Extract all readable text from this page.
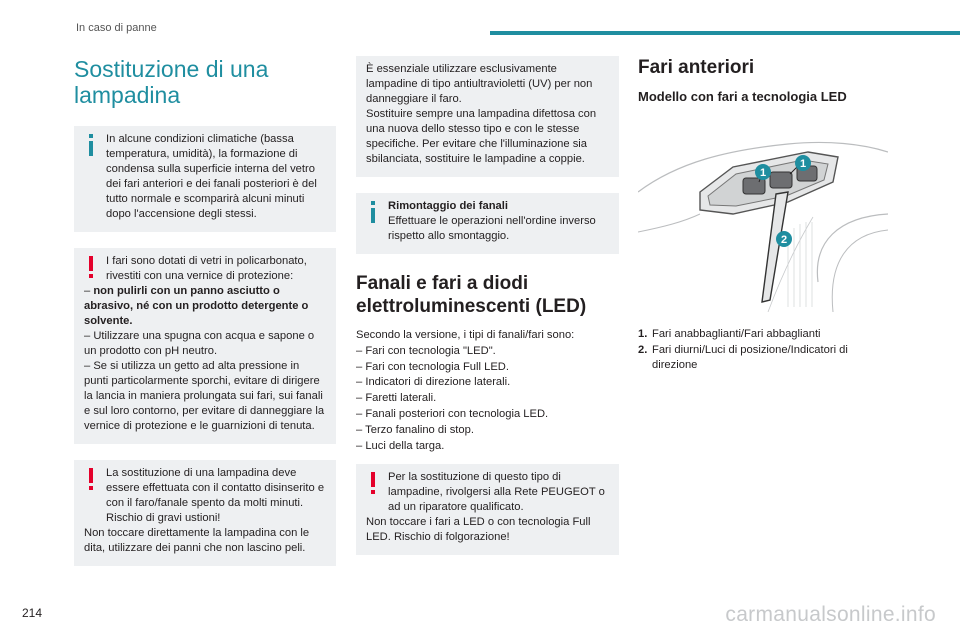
In caso di panne
Sostituzione di una lampadina

In alcune condizioni climatiche (bassa temperatura, umidità), la formazione di condensa sulla superficie interna del vetro dei fari anteriori e dei fanali posteriori è del tutto normale e scomparirà alcuni minuti dopo l'accensione degli stessi.

I fari sono dotati di vetri in policarbonato, rivestiti con una vernice di protezione:

– non pulirli con un panno asciutto o abrasivo, né con un prodotto detergente o solvente.

– Utilizzare una spugna con acqua e sapone o un prodotto con pH neutro.

– Se si utilizza un getto ad alta pressione in punti particolarmente sporchi, evitare di dirigere la lancia in maniera prolungata sui fari, sui fanali e sul loro contorno, per evitare di danneggiare la vernice di protezione e le guarnizioni di tenuta.

La sostituzione di una lampadina deve essere effettuata con il contatto disinserito e con il faro/fanale spento da molti minuti. Rischio di gravi ustioni!

Non toccare direttamente la lampadina con le dita, utilizzare dei panni che non lascino peli.

È essenziale utilizzare esclusivamente lampadine di tipo antiultravioletti (UV) per non danneggiare il faro.

Sostituire sempre una lampadina difettosa con una nuova dello stesso tipo e con le stesse specifiche. Per evitare che l'illuminazione sia sbilanciata, sostituire le lampadine a coppie.

Rimontaggio dei fanali

Effettuare le operazioni nell'ordine inverso rispetto allo smontaggio.

Fanali e fari a diodi elettroluminescenti (LED)

Secondo la versione, i tipi di fanali/fari sono:

– Fari con tecnologia "LED".

– Fari con tecnologia Full LED.

– Indicatori di direzione laterali.

– Faretti laterali.

– Fanali posteriori con tecnologia LED.

– Terzo fanalino di stop.

– Luci della targa.

Per la sostituzione di questo tipo di lampadine, rivolgersi alla Rete PEUGEOT o ad un riparatore qualificato.

Non toccare i fari a LED o con tecnologia Full LED. Rischio di folgorazione!

Fari anteriori
Modello con fari a tecnologia LED
1
1
2
1. Fari anabbaglianti/Fari abbaglianti
2. Fari diurni/Luci di posizione/Indicatori di direzione
214	carmanualsonline.info
